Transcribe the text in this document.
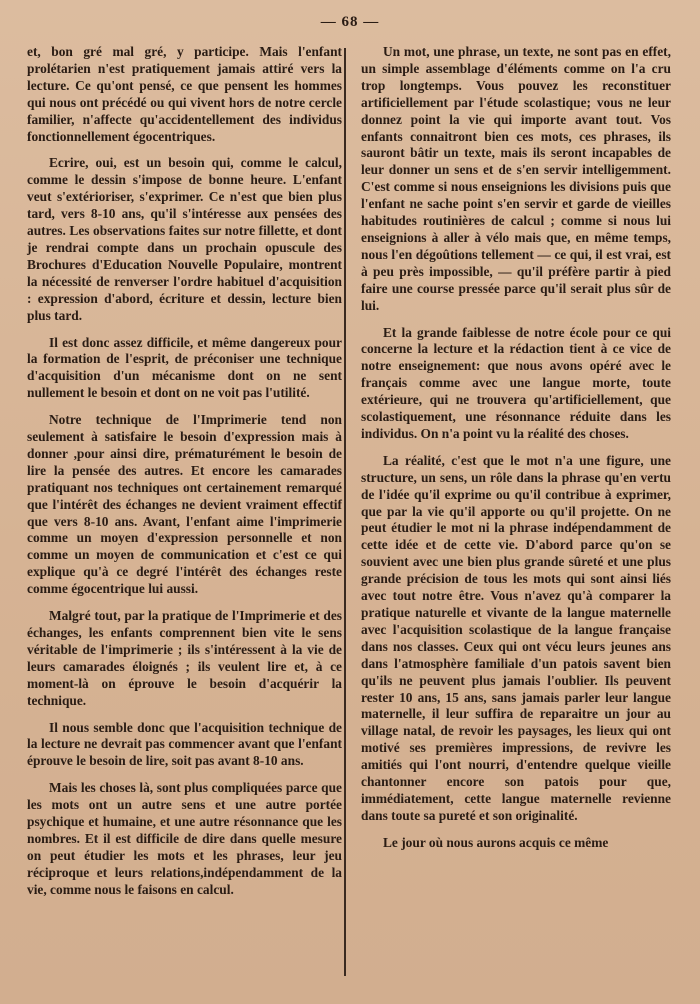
— 68 —

et, bon gré mal gré, y participe. Mais l'enfant prolétarien n'est pratiquement jamais attiré vers la lecture. Ce qu'ont pensé, ce que pensent les hommes qui nous ont précédé ou qui vivent hors de notre cercle familier, n'affecte qu'accidentellement des individus fonctionnellement égocentriques.

Ecrire, oui, est un besoin qui, comme le calcul, comme le dessin s'impose de bonne heure. L'enfant veut s'extérioriser, s'exprimer. Ce n'est que bien plus tard, vers 8-10 ans, qu'il s'intéresse aux pensées des autres. Les observations faites sur notre fillette, et dont je rendrai compte dans un prochain opuscule des Brochures d'Education Nouvelle Populaire, montrent la nécessité de renverser l'ordre habituel d'acquisition : expression d'abord, écriture et dessin, lecture bien plus tard.

Il est donc assez difficile, et même dangereux pour la formation de l'esprit, de préconiser une technique d'acquisition d'un mécanisme dont on ne sent nullement le besoin et dont on ne voit pas l'utilité.

Notre technique de l'Imprimerie tend non seulement à satisfaire le besoin d'expression mais à donner ,pour ainsi dire, prématurément le besoin de lire la pensée des autres. Et encore les camarades pratiquant nos techniques ont certainement remarqué que l'intérêt des échanges ne devient vraiment effectif que vers 8-10 ans. Avant, l'enfant aime l'imprimerie comme un moyen d'expression personnelle et non comme un moyen de communication et c'est ce qui explique qu'à ce degré l'intérêt des échanges reste comme égocentrique lui aussi.

Malgré tout, par la pratique de l'Imprimerie et des échanges, les enfants comprennent bien vite le sens véritable de l'imprimerie ; ils s'intéressent à la vie de leurs camarades éloignés ; ils veulent lire et, à ce moment-là on éprouve le besoin d'acquérir la technique.

Il nous semble donc que l'acquisition technique de la lecture ne devrait pas commencer avant que l'enfant éprouve le besoin de lire, soit pas avant 8-10 ans.

Mais les choses là, sont plus compliquées parce que les mots ont un autre sens et une autre portée psychique et humaine, et une autre résonnance que les nombres. Et il est difficile de dire dans quelle mesure on peut étudier les mots et les phrases, leur jeu réciproque et leurs relations,indépendamment de la vie, comme nous le faisons en calcul.

Un mot, une phrase, un texte, ne sont pas en effet, un simple assemblage d'éléments comme on l'a cru trop longtemps. Vous pouvez les reconstituer artificiellement par l'étude scolastique; vous ne leur donnez point la vie qui importe avant tout. Vos enfants connaitront bien ces mots, ces phrases, ils sauront bâtir un texte, mais ils seront incapables de leur donner un sens et de s'en servir intelligemment. C'est comme si nous enseignions les divisions puis que l'enfant ne sache point s'en servir et garde de vieilles habitudes routinières de calcul ; comme si nous lui enseignions à aller à vélo mais que, en même temps, nous l'en dégoûtions tellement — ce qui, il est vrai, est à peu près impossible, — qu'il préfère partir à pied faire une course pressée parce qu'il serait plus sûr de lui.

Et la grande faiblesse de notre école pour ce qui concerne la lecture et la rédaction tient à ce vice de notre enseignement: que nous avons opéré avec le français comme avec une langue morte, toute extérieure, qui ne trouvera qu'artificiellement, que scolastiquement, une résonnance réduite dans les individus. On n'a point vu la réalité des choses.

La réalité, c'est que le mot n'a une figure, une structure, un sens, un rôle dans la phrase qu'en vertu de l'idée qu'il exprime ou qu'il contribue à exprimer, que par la vie qu'il apporte ou qu'il projette. On ne peut étudier le mot ni la phrase indépendamment de cette idée et de cette vie. D'abord parce qu'on se souvient avec une bien plus grande sûreté et une plus grande précision de tous les mots qui sont ainsi liés avec tout notre être. Vous n'avez qu'à comparer la pratique naturelle et vivante de la langue maternelle avec l'acquisition scolastique de la langue française dans nos classes. Ceux qui ont vécu leurs jeunes ans dans l'atmosphère familiale d'un patois savent bien qu'ils ne peuvent plus jamais l'oublier. Ils peuvent rester 10 ans, 15 ans, sans jamais parler leur langue maternelle, il leur suffira de reparaitre un jour au village natal, de revoir les paysages, les lieux qui ont motivé ses premières impressions, de revivre les amitiés qui l'ont nourri, d'entendre quelque vieille chantonner encore son patois pour que, immédiatement, cette langue maternelle revienne dans toute sa pureté et son originalité.

Le jour où nous aurons acquis ce même
